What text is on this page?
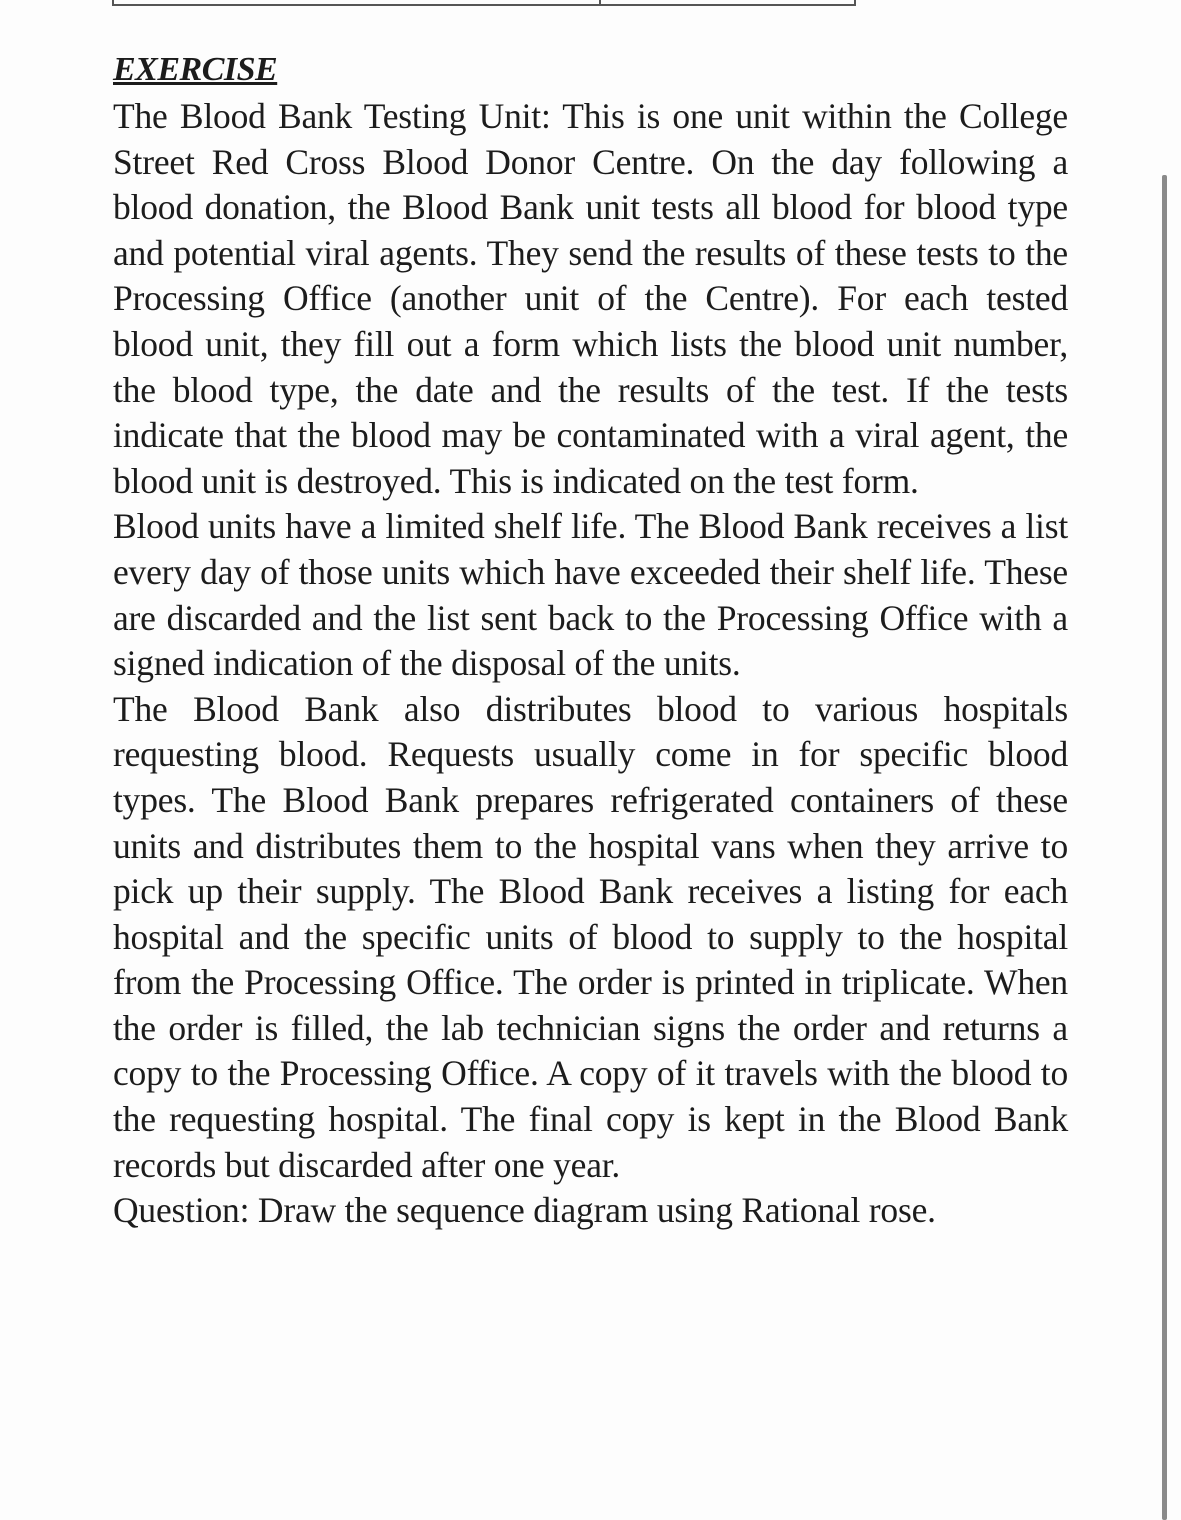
EXERCISE

The Blood Bank Testing Unit: This is one unit within the College Street Red Cross Blood Donor Centre. On the day following a blood donation, the Blood Bank unit tests all blood for blood type and potential viral agents. They send the results of these tests to the Processing Office (another unit of the Centre). For each tested blood unit, they fill out a form which lists the blood unit number, the blood type, the date and the results of the test. If the tests indicate that the blood may be contaminated with a viral agent, the blood unit is destroyed. This is indicated on the test form.

Blood units have a limited shelf life. The Blood Bank receives a list every day of those units which have exceeded their shelf life. These are discarded and the list sent back to the Processing Office with a signed indication of the disposal of the units.

The Blood Bank also distributes blood to various hospitals requesting blood. Requests usually come in for specific blood types. The Blood Bank prepares refrigerated containers of these units and distributes them to the hospital vans when they arrive to pick up their supply. The Blood Bank receives a listing for each hospital and the specific units of blood to supply to the hospital from the Processing Office. The order is printed in triplicate. When the order is filled, the lab technician signs the order and returns a copy to the Processing Office. A copy of it travels with the blood to the requesting hospital. The final copy is kept in the Blood Bank records but discarded after one year.

Question: Draw the sequence diagram using Rational rose.
